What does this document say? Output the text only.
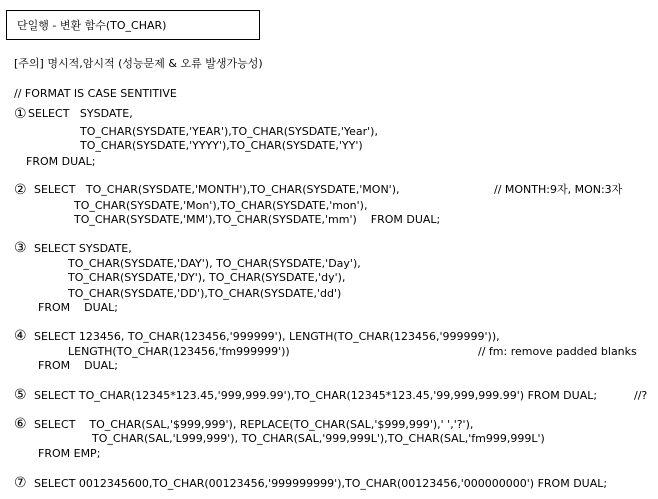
단일행 - 변환 함수(TO_CHAR)
[주의] 명시적,암시적 (성능문제 & 오류 발생가능성)
// FORMAT IS CASE SENTITIVE
① SELECT   SYSDATE,
TO_CHAR(SYSDATE,'YEAR'),TO_CHAR(SYSDATE,'Year'),
TO_CHAR(SYSDATE,'YYYY'),TO_CHAR(SYSDATE,'YY')
FROM DUAL;
② SELECT   TO_CHAR(SYSDATE,'MONTH'),TO_CHAR(SYSDATE,'MON'),	// MONTH:9자, MON:3자
TO_CHAR(SYSDATE,'Mon'),TO_CHAR(SYSDATE,'mon'),
TO_CHAR(SYSDATE,'MM'),TO_CHAR(SYSDATE,'mm')    FROM DUAL;
③ SELECT SYSDATE,
TO_CHAR(SYSDATE,'DAY'), TO_CHAR(SYSDATE,'Day'),
TO_CHAR(SYSDATE,'DY'), TO_CHAR(SYSDATE,'dy'),
TO_CHAR(SYSDATE,'DD'),TO_CHAR(SYSDATE,'dd')
FROM    DUAL;
④ SELECT 123456, TO_CHAR(123456,'999999'), LENGTH(TO_CHAR(123456,'999999')),
LENGTH(TO_CHAR(123456,'fm999999'))	// fm: remove padded blanks
FROM    DUAL;
⑤ SELECT TO_CHAR(12345*123.45,'999,999.99'),TO_CHAR(12345*123.45,'99,999,999.99') FROM DUAL;	//?
⑥ SELECT    TO_CHAR(SAL,'$999,999'), REPLACE(TO_CHAR(SAL,'$999,999'),' ','?'),
TO_CHAR(SAL,'L999,999'), TO_CHAR(SAL,'999,999L'),TO_CHAR(SAL,'fm999,999L')
FROM EMP;
⑦ SELECT 0012345600,TO_CHAR(00123456,'999999999'),TO_CHAR(00123456,'000000000') FROM DUAL;
